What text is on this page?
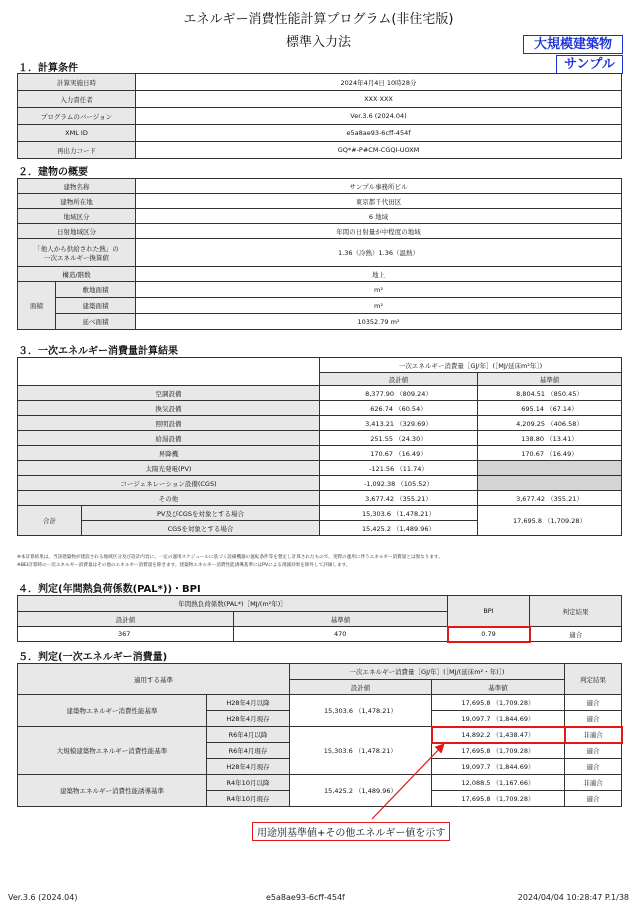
エネルギー消費性能計算プログラム(非住宅版)
標準入力法	大規模建築物
サンプル
１．計算条件
計算実施日時	2024年4月4日 10時28分
入力責任者	XXX XXX
プログラムのバージョン	Ver.3.6 (2024.04)
XML ID	e5a8ae93-6cff-454f
再出力コード	GQ*#-P#CM-CGQI-UOXM
２．建物の概要
建物名称		サンプル事務所ビル
建物所在地		東京都千代田区
地域区分		6 地域
日射地域区分		年間の日射量が中程度の地域
「他人から供給された熱」の
一次エネルギー換算値		1.36（冷熱）1.36（温熱）
構造/階数		地上
面積	敷地面積	m²
	建築面積	m²
	延べ面積	10352.79 m²
３．一次エネルギー消費量計算結果
		一次エネルギー消費量［GJ/年］(［MJ/延床m²年］)	
		設計値	基準値
空調設備		8,377.90 （809.24）	8,804.51 （850.45）
換気設備		626.74 （60.54）	695.14 （67.14）
照明設備		3,413.21 （329.69）	4,209.25 （406.58）
給湯設備		251.55 （24.30）	138.80 （13.41）
昇降機		170.67 （16.49）	170.67 （16.49）
太陽光発電(PV)		-121.56 （11.74）	
コージェネレーション設備(CGS)		-1,092.38 （105.52）	
その他		3,677.42 （355.21）	3,677.42 （355.21）
合計	PV及びCGSを対象とする場合	15,303.6 （1,478.21）	17,695.8 （1,709.28）
	CGSを対象とする場合	15,425.2 （1,489.96）	
※本計算結果は、当該建築物が建設される地域区分及び設計内容に、一定の運用スケジュールに基づく設備機器の運転条件等を想定し計算されたもので、実際の運用に伴うエネルギー消費量とは異なります。
※BEI計算時の一次エネルギー消費量はその他のエネルギー消費量を除きます。建築物エネルギー消費性能誘導基準にはPVによる削減効果を除外して評価します。
４．判定(年間熱負荷係数(PAL*))・BPI
年間熱負荷係数(PAL*)［MJ/(m²年)］		BPI	判定結果
設計値	基準値		
367	470	0.79	適合
５．判定(一次エネルギー消費量)
適用する基準		一次エネルギー消費量［GJ/年］(［MJ/(延床m²・年)］)		判定結果
		設計値	基準値	
建築物エネルギー消費性能基準	H28年4月以降	15,303.6 （1,478.21）	17,695.8 （1,709.28）	適合
	H28年4月現存		19,097.7 （1,844.69）	適合
大規模建築物エネルギー消費性能基準	R6年4月以降	15,303.6 （1,478.21）	14,892.2 （1,438.47）	非適合
	R6年4月現存		17,695.8 （1,709.28）	適合
	H28年4月現存		19,097.7 （1,844.69）	適合
建築物エネルギー消費性能誘導基準	R4年10月以降	15,425.2 （1,489.96）	12,088.5 （1,167.66）	非適合
	R4年10月現存		17,695.8 （1,709.28）	適合
用途別基準値+その他エネルギー値を示す
Ver.3.6 (2024.04)	e5a8ae93-6cff-454f	2024/04/04 10:28:47 P.1/38
